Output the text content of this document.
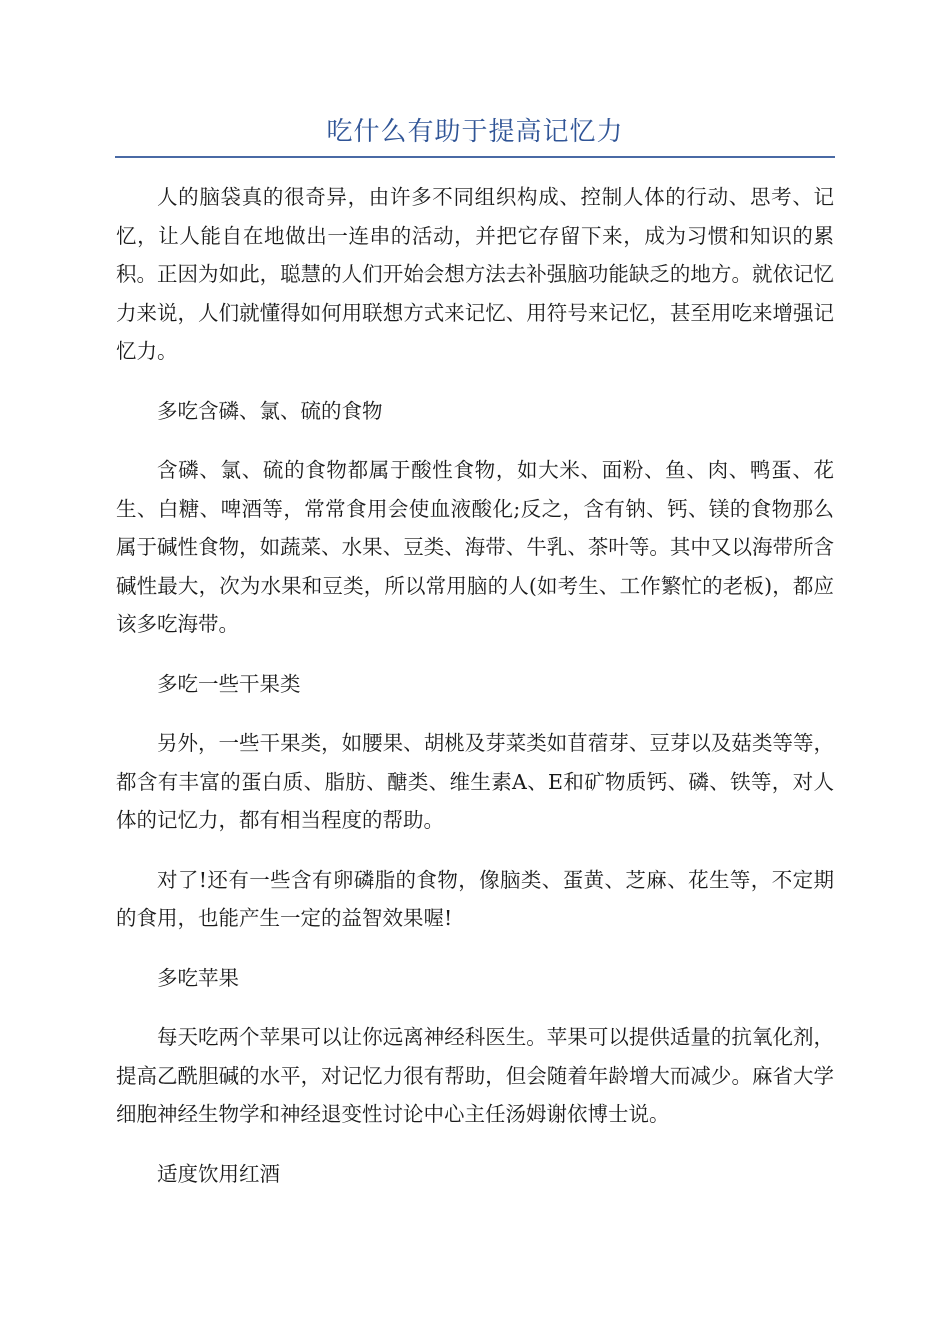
吃什么有助于提高记忆力

人的脑袋真的很奇异，由许多不同组织构成、控制人体的行动、思考、记忆，让人能自在地做出一连串的活动，并把它存留下来，成为习惯和知识的累积。正因为如此，聪慧的人们开始会想方法去补强脑功能缺乏的地方。就依记忆力来说，人们就懂得如何用联想方式来记忆、用符号来记忆，甚至用吃来增强记忆力。

多吃含磷、氯、硫的食物

含磷、氯、硫的食物都属于酸性食物，如大米、面粉、鱼、肉、鸭蛋、花生、白糖、啤酒等，常常食用会使血液酸化;反之，含有钠、钙、镁的食物那么属于碱性食物，如蔬菜、水果、豆类、海带、牛乳、茶叶等。其中又以海带所含碱性最大，次为水果和豆类，所以常用脑的人(如考生、工作繁忙的老板)，都应该多吃海带。

多吃一些干果类

另外，一些干果类，如腰果、胡桃及芽菜类如苜蓿芽、豆芽以及菇类等等，都含有丰富的蛋白质、脂肪、醣类、维生素A、E和矿物质钙、磷、铁等，对人体的记忆力，都有相当程度的帮助。

对了!还有一些含有卵磷脂的食物，像脑类、蛋黄、芝麻、花生等，不定期的食用，也能产生一定的益智效果喔!

多吃苹果

每天吃两个苹果可以让你远离神经科医生。苹果可以提供适量的抗氧化剂，提高乙酰胆碱的水平，对记忆力很有帮助，但会随着年龄增大而减少。麻省大学细胞神经生物学和神经退变性讨论中心主任汤姆谢依博士说。

适度饮用红酒
